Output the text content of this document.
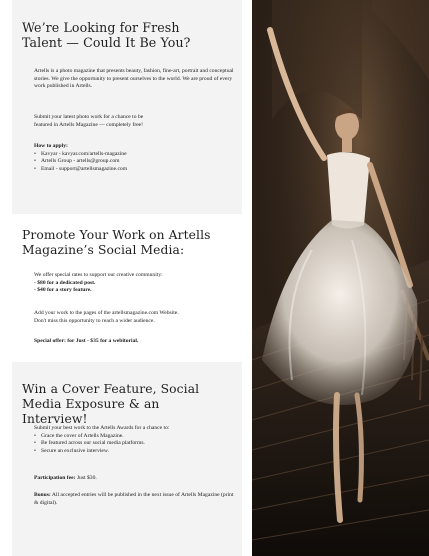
We’re Looking for Fresh Talent — Could It Be You?

Artells is a photo magazine that presents beauty, fashion, fine-art, portrait and conceptual stories. We give the opportunity to present ourselves to the world. We are proud of every work published in Artells.

Submit your latest photo work for a chance to be

featured in Artells Magazine — completely free!

How to apply:

• Kavyar - kavyar.com/artells-magazine
• Artells Group - artells@group.com
• Email - support@artellsmagazine.com
Promote Your Work on Artells Magazine’s Social Media:

We offer special rates to support our creative community:

- $80 for a dedicated post.

- $40 for a story feature.

Add your work to the pages of the artellsmagazine.com Website.

Don't miss this opportunity to reach a wider audience.

Special offer: for Just - $35 for a webitorial.

Win a Cover Feature, Social Media Exposure & an Interview!

Submit your best work to the Artells Awards for a chance to:

• Grace the cover of Artells Magazine.
• Be featured across our social media platforms.
• Secure an exclusive interview.

Participation fee: Just $30.

Bonus: All accepted entries will be published in the next issue of Artells Magazine (print & digital).
